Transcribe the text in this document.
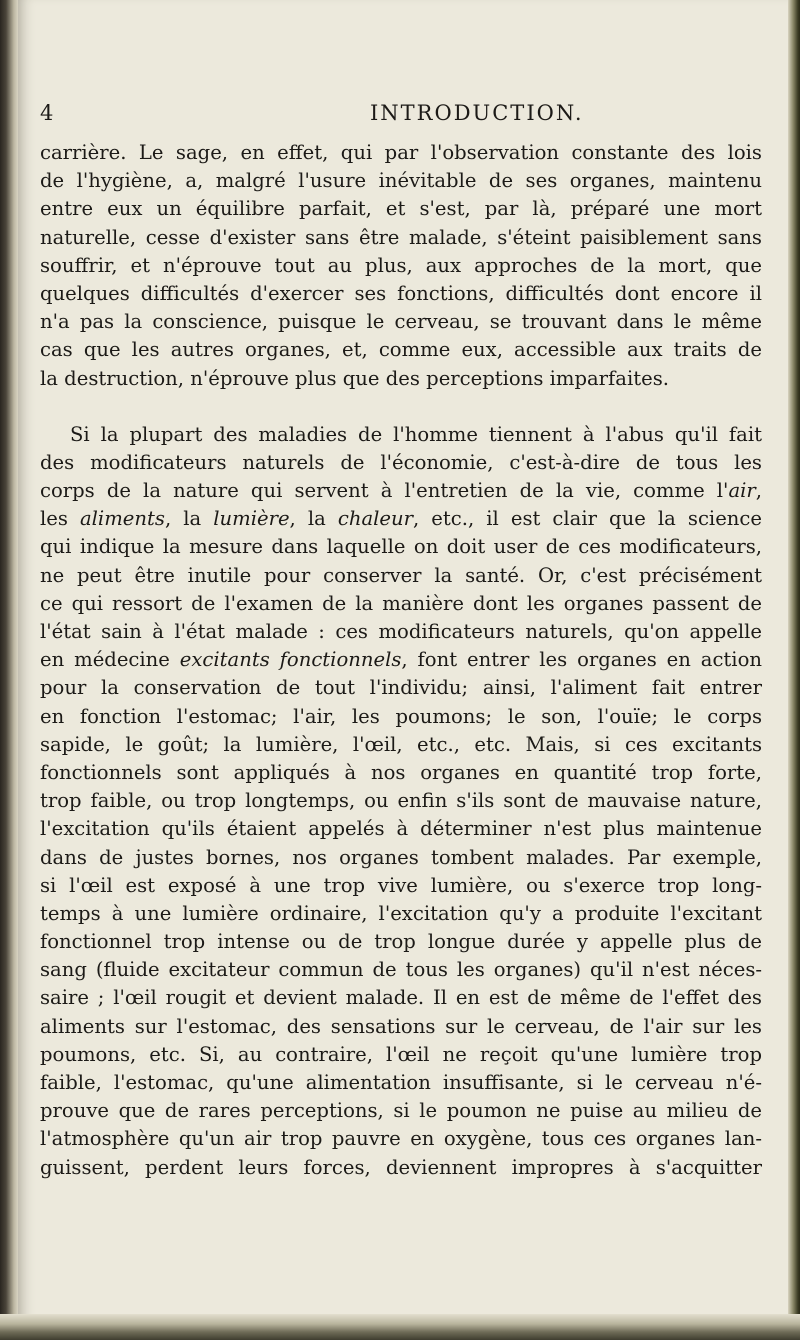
4	INTRODUCTION.
carrière. Le sage, en effet, qui par l'observation constante des lois
de l'hygiène, a, malgré l'usure inévitable de ses organes, maintenu
entre eux un équilibre parfait, et s'est, par là, préparé une mort
naturelle, cesse d'exister sans être malade, s'éteint paisiblement sans
souffrir, et n'éprouve tout au plus, aux approches de la mort, que
quelques difficultés d'exercer ses fonctions, difficultés dont encore il
n'a pas la conscience, puisque le cerveau, se trouvant dans le même
cas que les autres organes, et, comme eux, accessible aux traits de
la destruction, n'éprouve plus que des perceptions imparfaites.
Si la plupart des maladies de l'homme tiennent à l'abus qu'il fait
des modificateurs naturels de l'économie, c'est-à-dire de tous les
corps de la nature qui servent à l'entretien de la vie, comme l'air,
les aliments, la lumière, la chaleur, etc., il est clair que la science
qui indique la mesure dans laquelle on doit user de ces modificateurs,
ne peut être inutile pour conserver la santé. Or, c'est précisément
ce qui ressort de l'examen de la manière dont les organes passent de
l'état sain à l'état malade : ces modificateurs naturels, qu'on appelle
en médecine excitants fonctionnels, font entrer les organes en action
pour la conservation de tout l'individu; ainsi, l'aliment fait entrer
en fonction l'estomac; l'air, les poumons; le son, l'ouïe; le corps
sapide, le goût; la lumière, l'œil, etc., etc. Mais, si ces excitants
fonctionnels sont appliqués à nos organes en quantité trop forte,
trop faible, ou trop longtemps, ou enfin s'ils sont de mauvaise nature,
l'excitation qu'ils étaient appelés à déterminer n'est plus maintenue
dans de justes bornes, nos organes tombent malades. Par exemple,
si l'œil est exposé à une trop vive lumière, ou s'exerce trop long-
temps à une lumière ordinaire, l'excitation qu'y a produite l'excitant
fonctionnel trop intense ou de trop longue durée y appelle plus de
sang (fluide excitateur commun de tous les organes) qu'il n'est néces-
saire ; l'œil rougit et devient malade. Il en est de même de l'effet des
aliments sur l'estomac, des sensations sur le cerveau, de l'air sur les
poumons, etc. Si, au contraire, l'œil ne reçoit qu'une lumière trop
faible, l'estomac, qu'une alimentation insuffisante, si le cerveau n'é-
prouve que de rares perceptions, si le poumon ne puise au milieu de
l'atmosphère qu'un air trop pauvre en oxygène, tous ces organes lan-
guissent, perdent leurs forces, deviennent impropres à s'acquitter
